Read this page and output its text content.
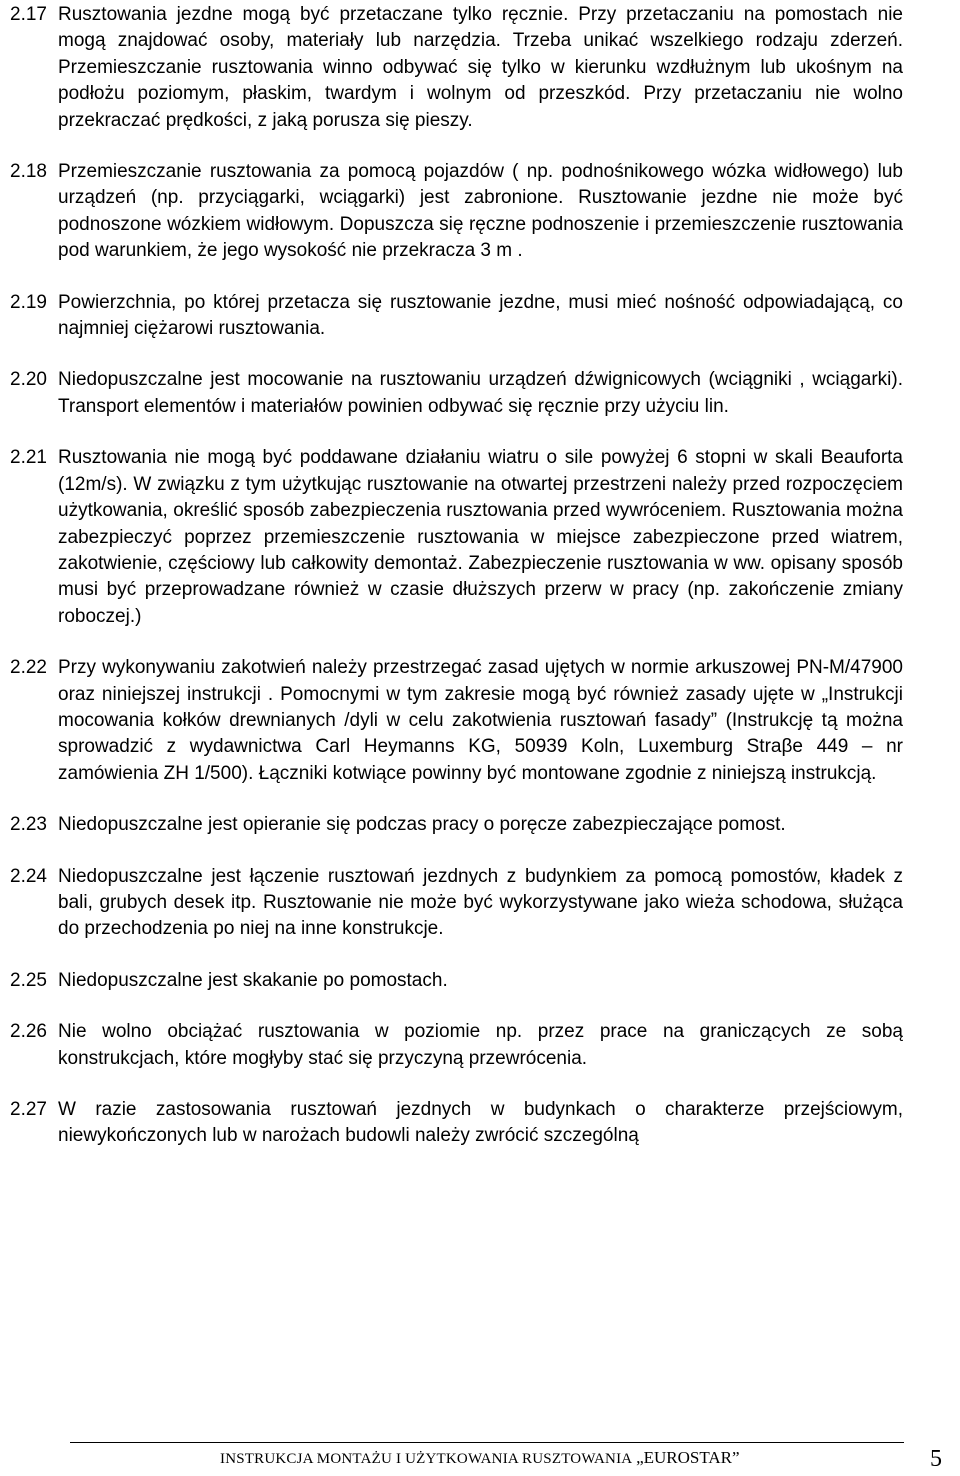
2.17 Rusztowania jezdne mogą być przetaczane tylko ręcznie. Przy przetaczaniu na pomostach nie mogą znajdować osoby, materiały lub narzędzia. Trzeba unikać wszelkiego rodzaju zderzeń. Przemieszczanie rusztowania winno odbywać się tylko w kierunku wzdłużnym lub ukośnym na podłożu poziomym, płaskim, twardym i wolnym od przeszkód. Przy przetaczaniu nie wolno przekraczać prędkości, z jaką porusza się pieszy.

2.18 Przemieszczanie rusztowania za pomocą pojazdów ( np. podnośnikowego wózka widłowego) lub urządzeń (np. przyciągarki, wciągarki) jest zabronione. Rusztowanie jezdne nie może być podnoszone wózkiem widłowym. Dopuszcza się ręczne podnoszenie i przemieszczenie rusztowania pod warunkiem, że jego wysokość nie przekracza 3 m .

2.19 Powierzchnia, po której przetacza się rusztowanie jezdne, musi mieć nośność odpowiadającą, co najmniej ciężarowi rusztowania.

2.20 Niedopuszczalne jest mocowanie na rusztowaniu urządzeń dźwignicowych (wciągniki , wciągarki). Transport elementów i materiałów powinien odbywać się ręcznie przy użyciu lin.

2.21 Rusztowania nie mogą być poddawane działaniu wiatru o sile powyżej 6 stopni w skali Beauforta (12m/s). W związku z tym użytkując rusztowanie na otwartej przestrzeni należy przed rozpoczęciem użytkowania, określić sposób zabezpieczenia rusztowania przed wywróceniem. Rusztowania można zabezpieczyć poprzez przemieszczenie rusztowania w miejsce zabezpieczone przed wiatrem, zakotwienie, częściowy lub całkowity demontaż. Zabezpieczenie rusztowania w ww. opisany sposób musi być przeprowadzane również w czasie dłuższych przerw w pracy (np. zakończenie zmiany roboczej.)

2.22 Przy wykonywaniu zakotwień należy przestrzegać zasad ujętych w normie arkuszowej PN-M/47900 oraz niniejszej instrukcji . Pomocnymi w tym zakresie mogą być również zasady ujęte w „Instrukcji mocowania kołków drewnianych /dyli w celu zakotwienia rusztowań fasady” (Instrukcję tą można sprowadzić z wydawnictwa Carl Heymanns KG, 50939 Koln, Luxemburg Straβe 449 – nr zamówienia ZH 1/500). Łączniki kotwiące powinny być montowane zgodnie z niniejszą instrukcją.

2.23 Niedopuszczalne jest opieranie się podczas pracy o poręcze zabezpieczające pomost.

2.24 Niedopuszczalne jest łączenie rusztowań jezdnych z budynkiem za pomocą pomostów, kładek z bali, grubych desek itp. Rusztowanie nie może być wykorzystywane jako wieża schodowa, służąca do przechodzenia po niej na inne konstrukcje.

2.25 Niedopuszczalne jest skakanie po pomostach.

2.26 Nie wolno obciążać rusztowania w poziomie np. przez prace na graniczących ze sobą konstrukcjach, które mogłyby stać się przyczyną przewrócenia.

2.27 W razie zastosowania rusztowań jezdnych w budynkach o charakterze przejściowym, niewykończonych lub w narożach budowli należy zwrócić szczególną

INSTRUKCJA MONTAŻU I UŻYTKOWANIA RUSZTOWANIA „EUROSTAR”	5
